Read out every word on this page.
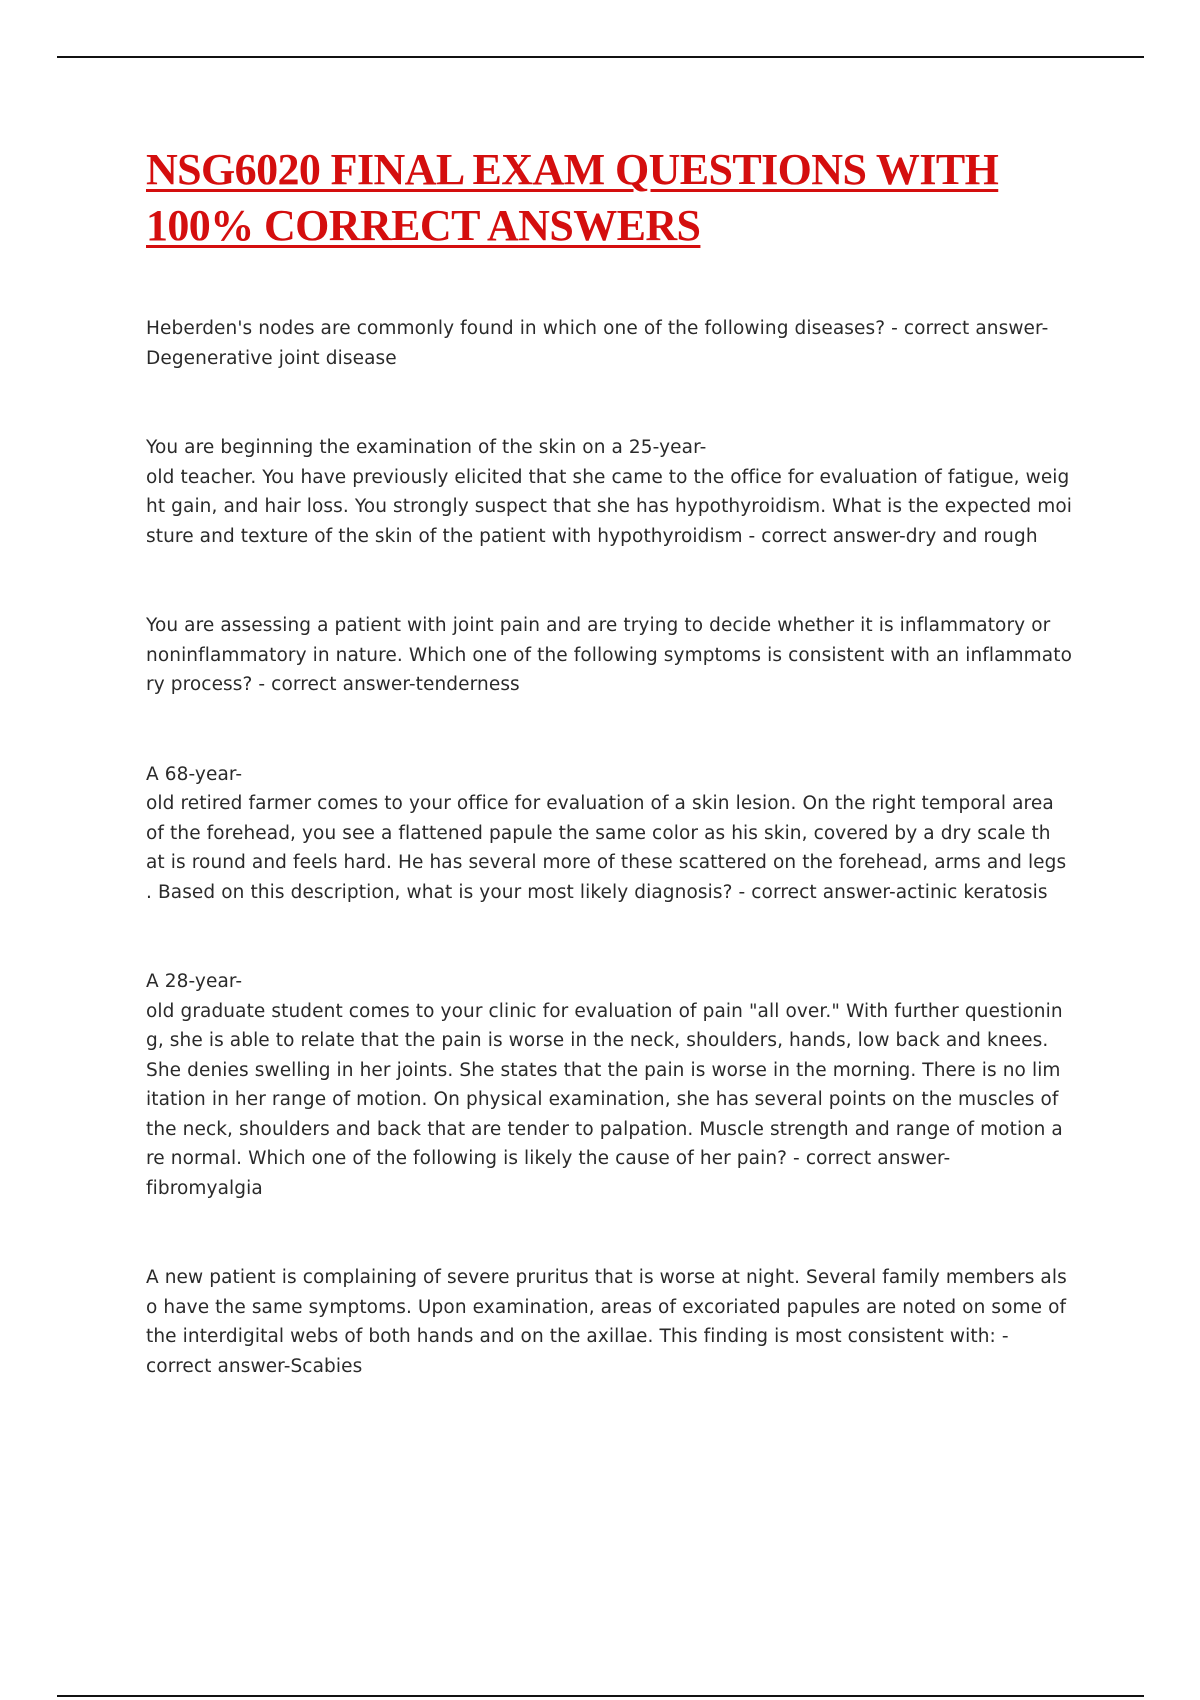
NSG6020 FINAL EXAM QUESTIONS WITH
100% CORRECT ANSWERS

Heberden's nodes are commonly found in which one of the following diseases? - correct answer-
Degenerative joint disease

You are beginning the examination of the skin on a 25-year-
old teacher. You have previously elicited that she came to the office for evaluation of fatigue, weig
ht gain, and hair loss. You strongly suspect that she has hypothyroidism. What is the expected moi
sture and texture of the skin of the patient with hypothyroidism - correct answer-dry and rough

You are assessing a patient with joint pain and are trying to decide whether it is inflammatory or
noninflammatory in nature. Which one of the following symptoms is consistent with an inflammato
ry process? - correct answer-tenderness

A 68-year-
old retired farmer comes to your office for evaluation of a skin lesion. On the right temporal area
of the forehead, you see a flattened papule the same color as his skin, covered by a dry scale th
at is round and feels hard. He has several more of these scattered on the forehead, arms and legs
. Based on this description, what is your most likely diagnosis? - correct answer-actinic keratosis

A 28-year-
old graduate student comes to your clinic for evaluation of pain "all over." With further questionin
g, she is able to relate that the pain is worse in the neck, shoulders, hands, low back and knees.
She denies swelling in her joints. She states that the pain is worse in the morning. There is no lim
itation in her range of motion. On physical examination, she has several points on the muscles of
the neck, shoulders and back that are tender to palpation. Muscle strength and range of motion a
re normal. Which one of the following is likely the cause of her pain? - correct answer-
fibromyalgia

A new patient is complaining of severe pruritus that is worse at night. Several family members als
o have the same symptoms. Upon examination, areas of excoriated papules are noted on some of
the interdigital webs of both hands and on the axillae. This finding is most consistent with: -
correct answer-Scabies
